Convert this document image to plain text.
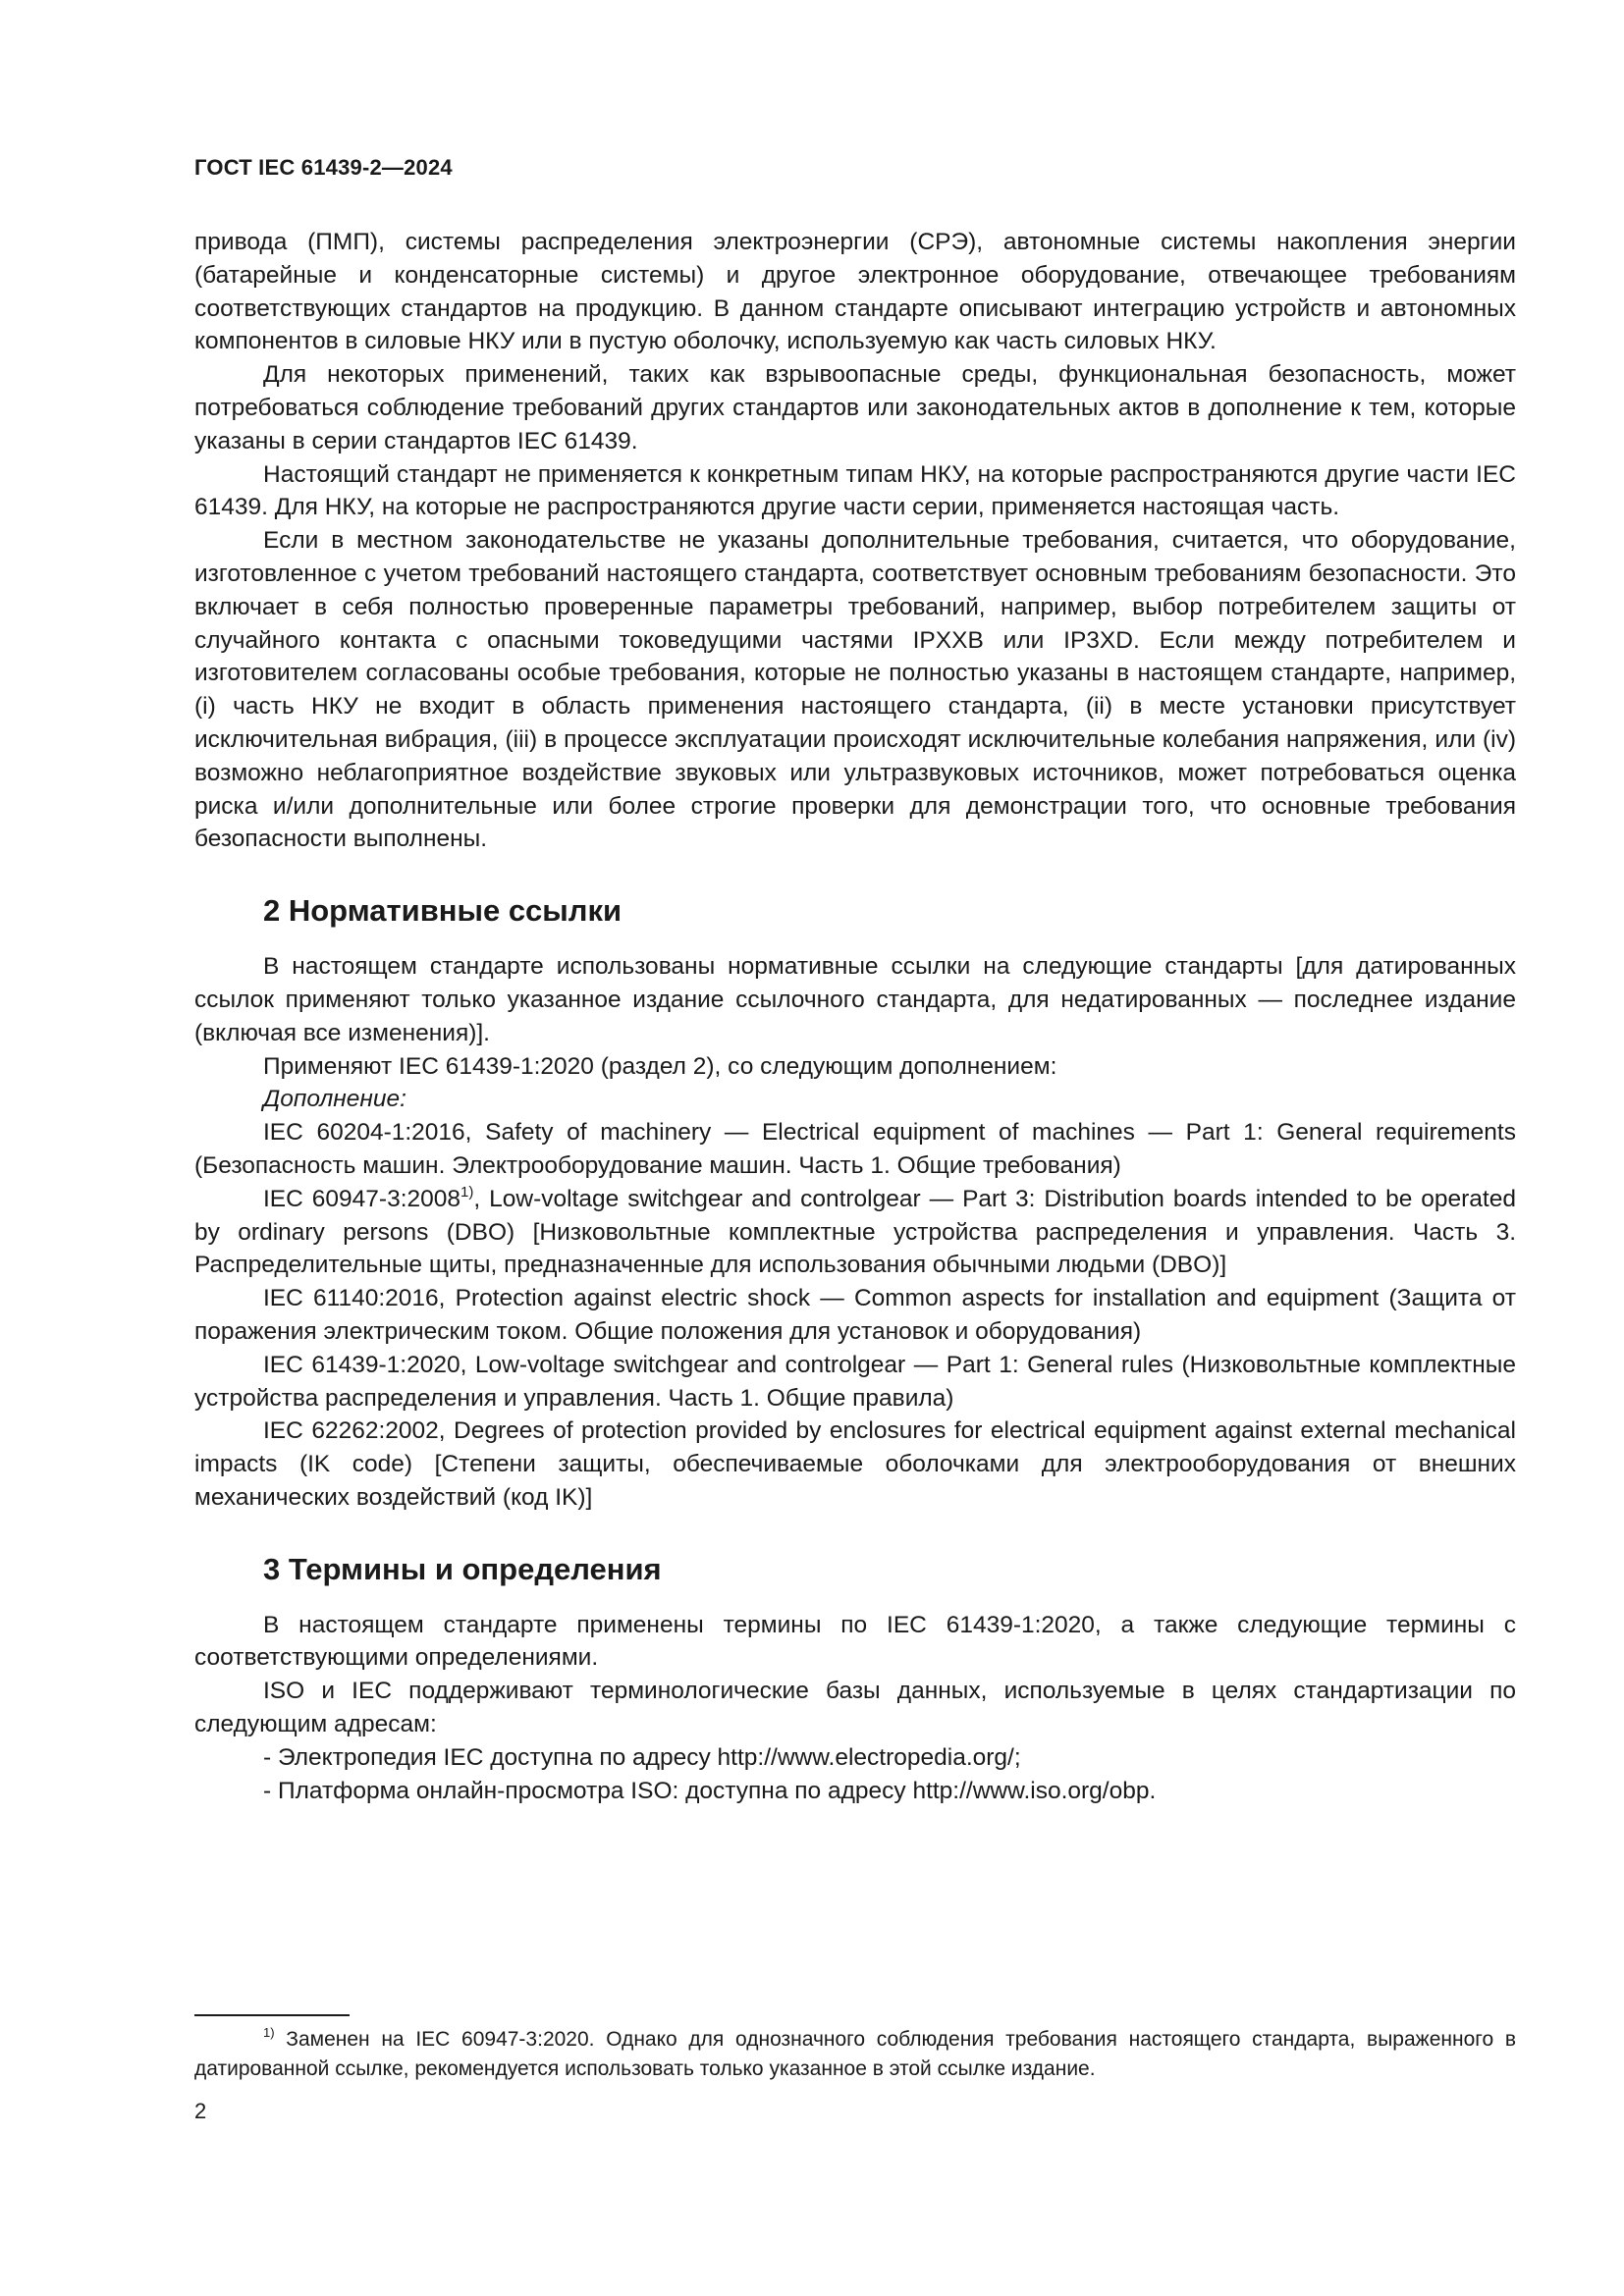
ГОСТ IEC 61439-2—2024

привода (ПМП), системы распределения электроэнергии (СРЭ), автономные системы накопления энергии (батарейные и конденсаторные системы) и другое электронное оборудование, отвечающее требованиям соответствующих стандартов на продукцию. В данном стандарте описывают интеграцию устройств и автономных компонентов в силовые НКУ или в пустую оболочку, используемую как часть силовых НКУ.

Для некоторых применений, таких как взрывоопасные среды, функциональная безопасность, может потребоваться соблюдение требований других стандартов или законодательных актов в дополнение к тем, которые указаны в серии стандартов IEC 61439.

Настоящий стандарт не применяется к конкретным типам НКУ, на которые распространяются другие части IEC 61439. Для НКУ, на которые не распространяются другие части серии, применяется настоящая часть.

Если в местном законодательстве не указаны дополнительные требования, считается, что оборудование, изготовленное с учетом требований настоящего стандарта, соответствует основным требованиям безопасности. Это включает в себя полностью проверенные параметры требований, например, выбор потребителем защиты от случайного контакта с опасными токоведущими частями IPXXB или IP3XD. Если между потребителем и изготовителем согласованы особые требования, которые не полностью указаны в настоящем стандарте, например, (i) часть НКУ не входит в область применения настоящего стандарта, (ii) в месте установки присутствует исключительная вибрация, (iii) в процессе эксплуатации происходят исключительные колебания напряжения, или (iv) возможно неблагоприятное воздействие звуковых или ультразвуковых источников, может потребоваться оценка риска и/или дополнительные или более строгие проверки для демонстрации того, что основные требования безопасности выполнены.

2 Нормативные ссылки

В настоящем стандарте использованы нормативные ссылки на следующие стандарты [для датированных ссылок применяют только указанное издание ссылочного стандарта, для недатированных — последнее издание (включая все изменения)].

Применяют IEC 61439-1:2020 (раздел 2), со следующим дополнением:

Дополнение:

IEC 60204-1:2016, Safety of machinery — Electrical equipment of machines — Part 1: General requirements (Безопасность машин. Электрооборудование машин. Часть 1. Общие требования)

IEC 60947-3:2008$^{1)}$, Low-voltage switchgear and controlgear — Part 3: Distribution boards intended to be operated by ordinary persons (DBO) [Низковольтные комплектные устройства распределения и управления. Часть 3. Распределительные щиты, предназначенные для использования обычными людьми (DBO)]

IEC 61140:2016, Protection against electric shock — Common aspects for installation and equipment (Защита от поражения электрическим током. Общие положения для установок и оборудования)

IEC 61439-1:2020, Low-voltage switchgear and controlgear — Part 1: General rules (Низковольтные комплектные устройства распределения и управления. Часть 1. Общие правила)

IEC 62262:2002, Degrees of protection provided by enclosures for electrical equipment against external mechanical impacts (IK code) [Степени защиты, обеспечиваемые оболочками для электрооборудования от внешних механических воздействий (код IK)]

3 Термины и определения

В настоящем стандарте применены термины по IEC 61439-1:2020, а также следующие термины с соответствующими определениями.

ISO и IEC поддерживают терминологические базы данных, используемые в целях стандартизации по следующим адресам:

- Электропедия IEC доступна по адресу http://www.electropedia.org/;

- Платформа онлайн-просмотра ISO: доступна по адресу http://www.iso.org/obp.

$^{1)}$ Заменен на IEC 60947-3:2020. Однако для однозначного соблюдения требования настоящего стандарта, выраженного в датированной ссылке, рекомендуется использовать только указанное в этой ссылке издание.

2
